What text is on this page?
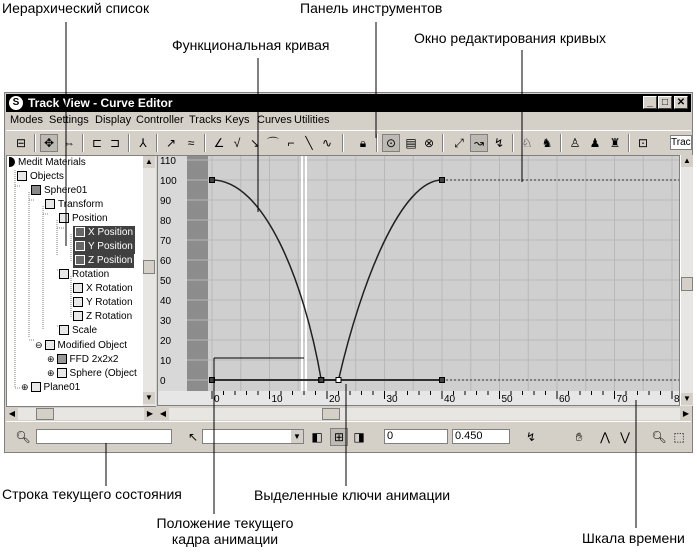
Иерархический список	Панель инструментов
Функциональная кривая	Окно редактирования кривых
Строка текущего состояния	Выделенные ключи анимации
Положение текущего
кадра анимации	Шкала времени
S Track View - Curve Editor	_ □ ✕
Modes Settings Display Controller Tracks Keys Curves Utilities
⊟	✥ ⇔	⊏ ⊐	⅄	↗ ≈	∠ √ ↘ ⌒ ⌐ ╲ ∿	🔒︎	⊙ ▤ ⊗	⤢ ↝ ↯	♘ ♞	♙ ♟ ♜	⊡	Trac
Medit Materials
Objects
Sphere01
Transform
Position
X Position
Y Position
Z Position
Rotation
X Rotation
Y Rotation
Z Rotation
Scale
⊖ Modified Object
⊕ FFD 2x2x2
⊕ Sphere (Object
⊕ Plane01
▲
▼
◀	▶
110
100
90
80
70
60
50
40
30
20
10
0
0	10	20	30	40	50	60	70	8
▲
▼
◀	▶
🔍︎	↖	▼ ◧ ⊞ ◨	0	0.450	↯	✋︎	⋀ ⋁	🔍︎ ⬚
